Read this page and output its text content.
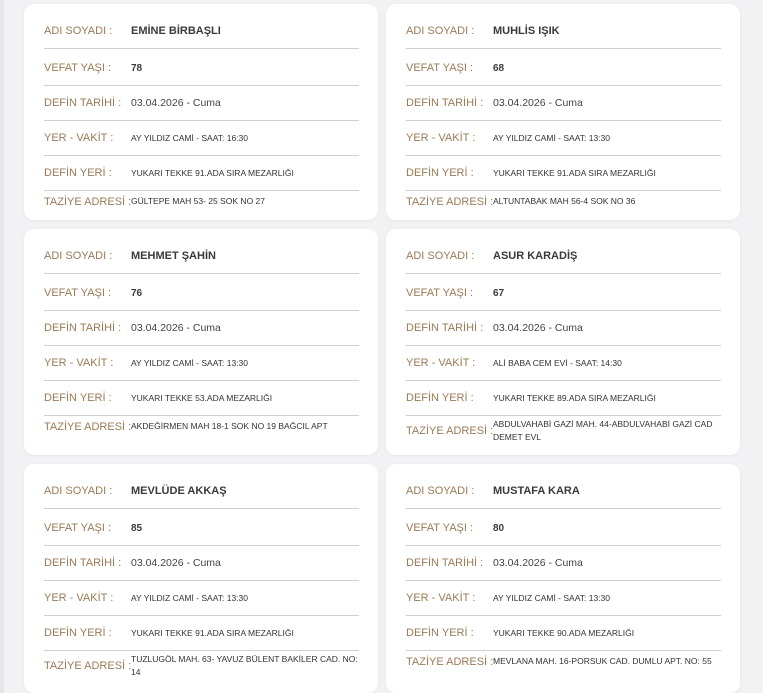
ADI SOYADI :	EMİNE BİRBAŞLI
VEFAT YAŞI :	78
DEFİN TARİHİ : 03.04.2026 - Cuma
YER - VAKİT :	AY YILDIZ CAMİ - SAAT: 16:30
DEFİN YERİ :	YUKARI TEKKE 91.ADA SIRA MEZARLIĞI
TAZİYE ADRESİ : GÜLTEPE MAH 53- 25 SOK NO 27
ADI SOYADI :	MUHLİS IŞIK
VEFAT YAŞI :	68
DEFİN TARİHİ : 03.04.2026 - Cuma
YER - VAKİT :	AY YILDIZ CAMİ - SAAT: 13:30
DEFİN YERİ :	YUKARI TEKKE 91.ADA SIRA MEZARLIĞI
TAZİYE ADRESİ : ALTUNTABAK MAH 56-4 SOK NO 36
ADI SOYADI :	MEHMET ŞAHİN
VEFAT YAŞI :	76
DEFİN TARİHİ : 03.04.2026 - Cuma
YER - VAKİT :	AY YILDIZ CAMİ - SAAT: 13:30
DEFİN YERİ :	YUKARI TEKKE 53.ADA MEZARLIĞI
TAZİYE ADRESİ : AKDEĞİRMEN MAH 18-1 SOK NO 19 BAĞCIL APT
ADI SOYADI :	ASUR KARADİŞ
VEFAT YAŞI :	67
DEFİN TARİHİ : 03.04.2026 - Cuma
YER - VAKİT :	ALİ BABA CEM EVİ - SAAT: 14:30
DEFİN YERİ :	YUKARI TEKKE 89.ADA SIRA MEZARLIĞI
TAZİYE ADRESİ :
ABDULVAHABİ GAZİ MAH. 44-ABDULVAHABİ GAZİ CAD DEMET EVL
ADI SOYADI :	MEVLÜDE AKKAŞ
VEFAT YAŞI :	85
DEFİN TARİHİ : 03.04.2026 - Cuma
YER - VAKİT :	AY YILDIZ CAMİ - SAAT: 13:30
DEFİN YERİ :	YUKARI TEKKE 91.ADA SIRA MEZARLIĞI
TAZİYE ADRESİ :
TUZLUGÖL MAH. 63- YAVUZ BÜLENT BAKİLER CAD. NO: 14
ADI SOYADI :	MUSTAFA KARA
VEFAT YAŞI :	80
DEFİN TARİHİ : 03.04.2026 - Cuma
YER - VAKİT :	AY YILDIZ CAMİ - SAAT: 13:30
DEFİN YERİ :	YUKARI TEKKE 90.ADA MEZARLIĞI
TAZİYE ADRESİ : MEVLANA MAH. 16-PORSUK CAD. DUMLU APT. NO: 55
